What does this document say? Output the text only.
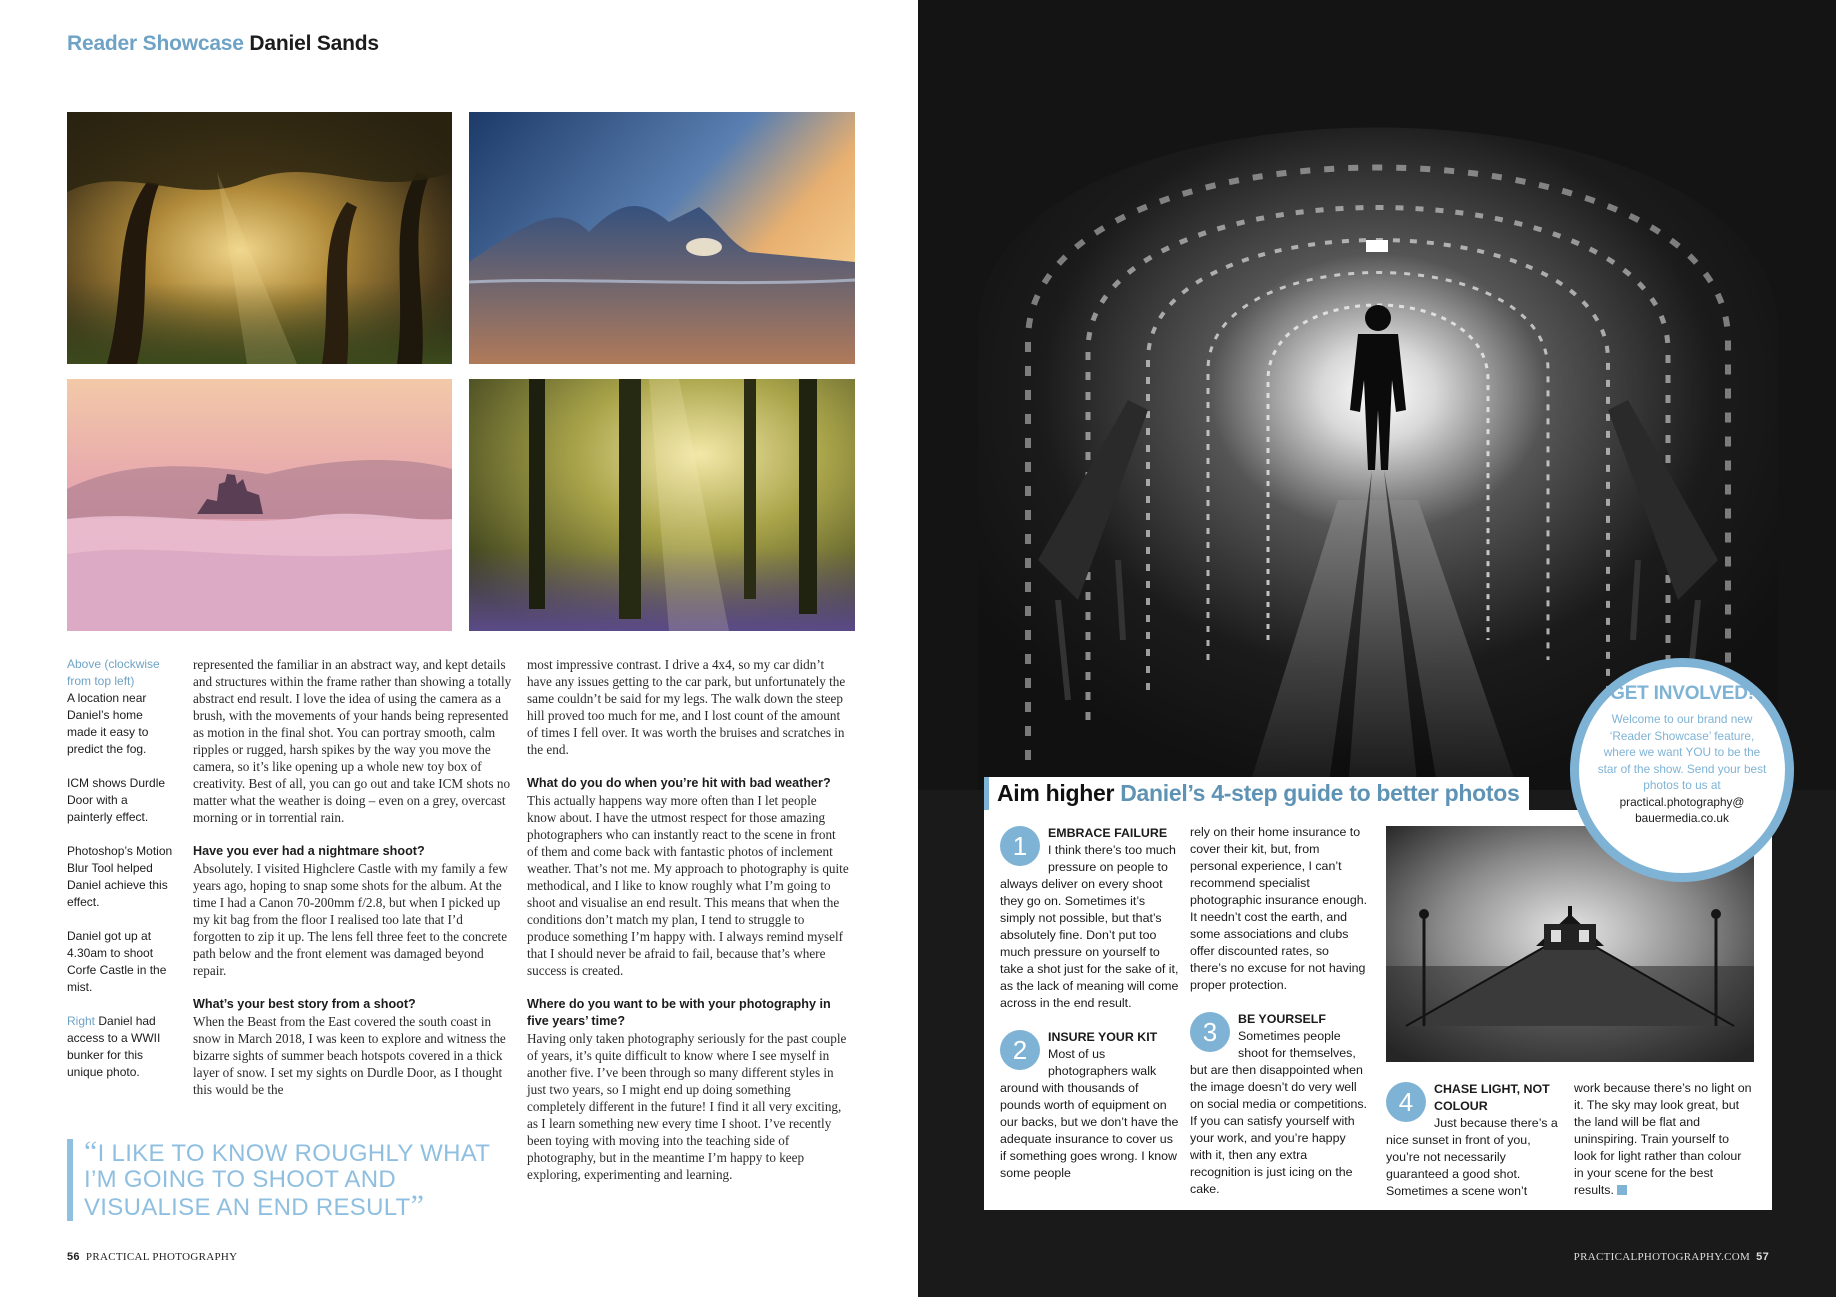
Reader Showcase Daniel Sands

Above (clockwise from top left)
A location near Daniel’s home made it easy to predict the fog.

ICM shows Durdle Door with a painterly effect.

Photoshop’s Motion Blur Tool helped Daniel achieve this effect.

Daniel got up at 4.30am to shoot Corfe Castle in the mist.

Right Daniel had access to a WWII bunker for this unique photo.

represented the familiar in an abstract way, and kept details and structures within the frame rather than showing a totally abstract end result. I love the idea of using the camera as a brush, with the movements of your hands being represented as motion in the final shot. You can portray smooth, calm ripples or rugged, harsh spikes by the way you move the camera, so it’s like opening up a whole new toy box of creativity. Best of all, you can go out and take ICM shots no matter what the weather is doing – even on a grey, overcast morning or in torrential rain.

Have you ever had a nightmare shoot?

Absolutely. I visited Highclere Castle with my family a few years ago, hoping to snap some shots for the album. At the time I had a Canon 70-200mm f/2.8, but when I picked up my kit bag from the floor I realised too late that I’d forgotten to zip it up. The lens fell three feet to the concrete path below and the front element was damaged beyond repair.

What’s your best story from a shoot?

When the Beast from the East covered the south coast in snow in March 2018, I was keen to explore and witness the bizarre sights of summer beach hotspots covered in a thick layer of snow. I set my sights on Durdle Door, as I thought this would be the

most impressive contrast. I drive a 4x4, so my car didn’t have any issues getting to the car park, but unfortunately the same couldn’t be said for my legs. The walk down the steep hill proved too much for me, and I lost count of the amount of times I fell over. It was worth the bruises and scratches in the end.

What do you do when you’re hit with bad weather?

This actually happens way more often than I let people know about. I have the utmost respect for those amazing photographers who can instantly react to the scene in front of them and come back with fantastic photos of inclement weather. That’s not me. My approach to photography is quite methodical, and I like to know roughly what I’m going to shoot and visualise an end result. This means that when the conditions don’t match my plan, I tend to struggle to produce something I’m happy with. I always remind myself that I should never be afraid to fail, because that’s where success is created.

Where do you want to be with your photography in five years’ time?

Having only taken photography seriously for the past couple of years, it’s quite difficult to know where I see myself in another five. I’ve been through so many different styles in just two years, so I might end up doing something completely different in the future! I find it all very exciting, as I learn something new every time I shoot. I’ve recently been toying with moving into the teaching side of photography, but in the meantime I’m happy to keep exploring, experimenting and learning.

“I LIKE TO KNOW ROUGHLY WHAT I’M GOING TO SHOOT AND VISUALISE AN END RESULT”
56 PRACTICAL PHOTOGRAPHY
Aim higher Daniel’s 4-step guide to better photos
1	EMBRACE FAILURE

I think there’s too much pressure on people to always deliver on every shoot they go on. Sometimes it’s simply not possible, but that’s absolutely fine. Don’t put too much pressure on yourself to take a shot just for the sake of it, as the lack of meaning will come across in the end result.

2	INSURE YOUR KIT

Most of us photographers walk around with thousands of pounds worth of equipment on our backs, but we don’t have the adequate insurance to cover us if something goes wrong. I know some people

rely on their home insurance to cover their kit, but, from personal experience, I can’t recommend specialist photographic insurance enough. It needn’t cost the earth, and some associations and clubs offer discounted rates, so there’s no excuse for not having proper protection.

3	BE YOURSELF

Sometimes people shoot for themselves, but are then disappointed when the image doesn’t do very well on social media or competitions. If you can satisfy yourself with your work, and you’re happy with it, then any extra recognition is just icing on the cake.

4	CHASE LIGHT, NOT COLOUR

Just because there’s a nice sunset in front of you, you’re not necessarily guaranteed a good shot. Sometimes a scene won’t

work because there’s no light on it. The sky may look great, but the land will be flat and uninspiring. Train yourself to look for light rather than colour in your scene for the best results.

GET INVOLVED!
Welcome to our brand new ‘Reader Showcase’ feature, where we want YOU to be the star of the show. Send your best photos to us at
practical.photography@ bauermedia.co.uk
PRACTICALPHOTOGRAPHY.COM 57
